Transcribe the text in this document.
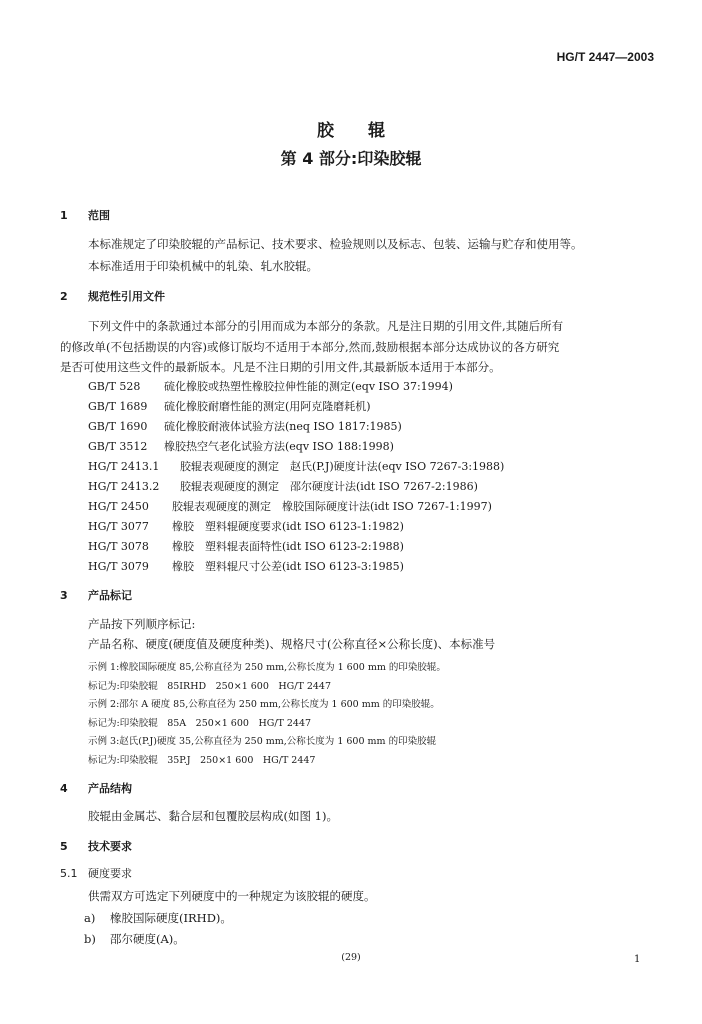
HG/T 2447—2003
胶 辊
第 4 部分:印染胶辊
1 范围
本标准规定了印染胶辊的产品标记、技术要求、检验规则以及标志、包装、运输与贮存和使用等。
本标准适用于印染机械中的轧染、轧水胶辊。
2 规范性引用文件
下列文件中的条款通过本部分的引用而成为本部分的条款。凡是注日期的引用文件,其随后所有
的修改单(不包括勘误的内容)或修订版均不适用于本部分,然而,鼓励根据本部分达成协议的各方研究
是否可使用这些文件的最新版本。凡是不注日期的引用文件,其最新版本适用于本部分。
GB/T 528 硫化橡胶或热塑性橡胶拉伸性能的测定(eqv ISO 37:1994)
GB/T 1689 硫化橡胶耐磨性能的测定(用阿克隆磨耗机)
GB/T 1690 硫化橡胶耐液体试验方法(neq ISO 1817:1985)
GB/T 3512 橡胶热空气老化试验方法(eqv ISO 188:1998)
HG/T 2413.1 胶辊表观硬度的测定　赵氏(P.J)硬度计法(eqv ISO 7267-3:1988)
HG/T 2413.2 胶辊表观硬度的测定　邵尔硬度计法(idt ISO 7267-2:1986)
HG/T 2450 胶辊表观硬度的测定　橡胶国际硬度计法(idt ISO 7267-1:1997)
HG/T 3077 橡胶　塑料辊硬度要求(idt ISO 6123-1:1982)
HG/T 3078 橡胶　塑料辊表面特性(idt ISO 6123-2:1988)
HG/T 3079 橡胶　塑料辊尺寸公差(idt ISO 6123-3:1985)
3 产品标记
产品按下列顺序标记:
产品名称、硬度(硬度值及硬度种类)、规格尺寸(公称直径×公称长度)、本标准号
示例 1:橡胶国际硬度 85,公称直径为 250 mm,公称长度为 1 600 mm 的印染胶辊。
标记为:印染胶辊　85IRHD　250×1 600　HG/T 2447
示例 2:邵尔 A 硬度 85,公称直径为 250 mm,公称长度为 1 600 mm 的印染胶辊。
标记为:印染胶辊　85A　250×1 600　HG/T 2447
示例 3:赵氏(P.J)硬度 35,公称直径为 250 mm,公称长度为 1 600 mm 的印染胶辊
标记为:印染胶辊　35P.J　250×1 600　HG/T 2447
4 产品结构
胶辊由金属芯、黏合层和包覆胶层构成(如图 1)。
5 技术要求
5.1 硬度要求
供需双方可选定下列硬度中的一种规定为该胶辊的硬度。
a) 橡胶国际硬度(IRHD)。
b) 邵尔硬度(A)。
(29)	1
